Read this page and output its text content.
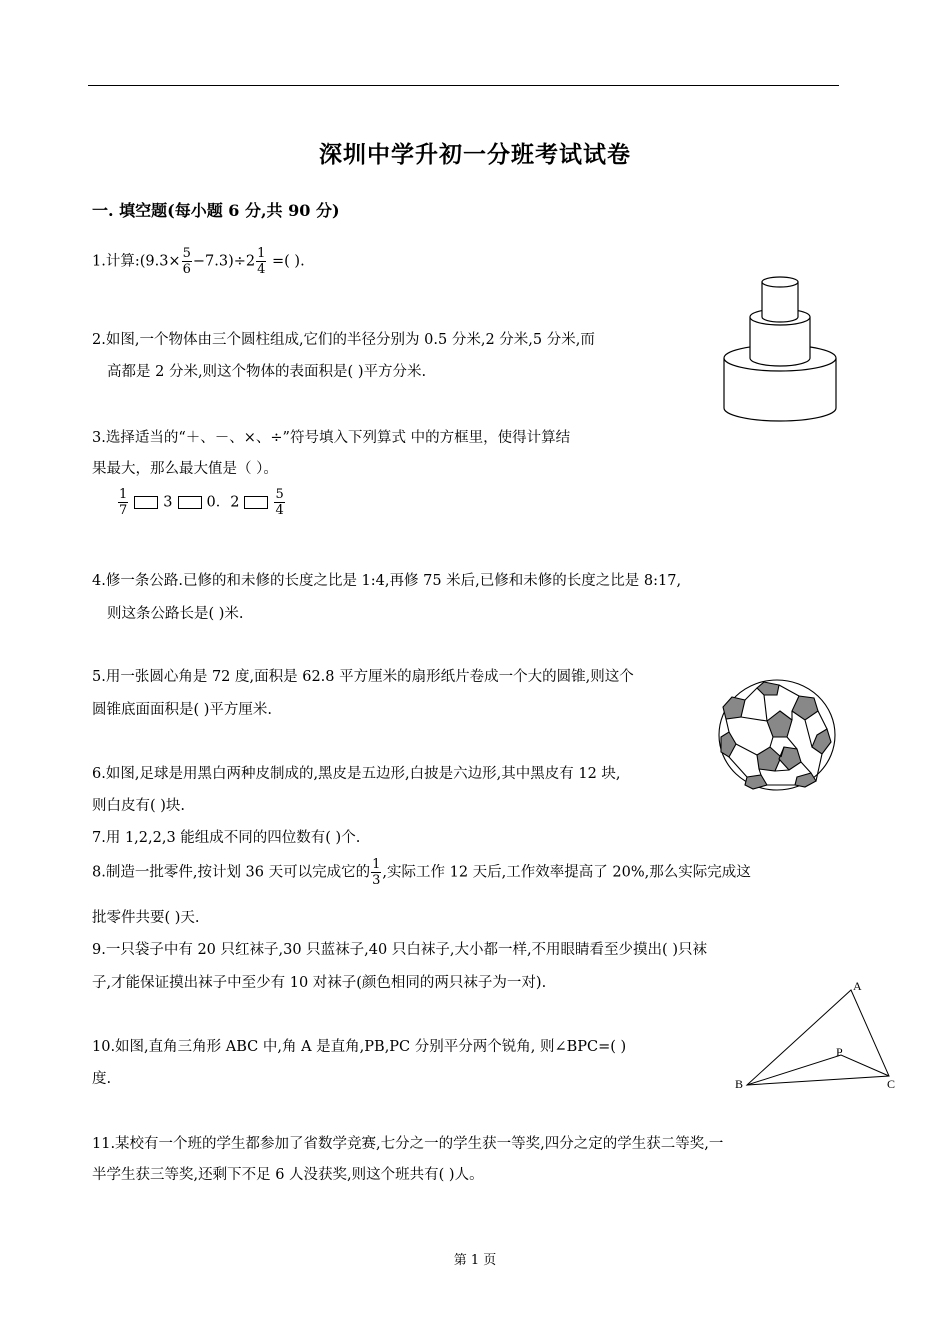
深圳中学升初一分班考试试卷
一. 填空题(每小题 6 分,共 90 分)
1.计算:(9.3× $\frac{5}{6} -7.3)\div 2 \frac{1}{4}$ =( ).
2.如图,一个物体由三个圆柱组成,它们的半径分别为 0.5 分米,2 分米,5 分米,而
高都是 2 分米,则这个物体的表面积是( )平方分米.
3.选择适当的“＋、－、×、÷”符号填入下列算式 中的方框里，使得计算结
果最大，那么最大值是（ ）。
$\frac{1}{7} 3$ 0．2	$\frac{5}{4}$
4.修一条公路.已修的和未修的长度之比是 1:4,再修 75 米后,已修和未修的长度之比是 8:17,
则这条公路长是( )米.
5.用一张圆心角是 72 度,面积是 62.8 平方厘米的扇形纸片卷成一个大的圆锥,则这个
圆锥底面面积是( )平方厘米.
6.如图,足球是用黑白两种皮制成的,黑皮是五边形,白披是六边形,其中黑皮有 12 块,
则白皮有( )块.
7.用 1,2,2,3 能组成不同的四位数有( )个.
8.制造一批零件,按计划 36 天可以完成它的 $\frac{1}{3}$ ,实际工作 12 天后,工作效率提高了 20%,那么实际完成这
批零件共要( )天.
9.一只袋子中有 20 只红袜子,30 只蓝袜子,40 只白袜子,大小都一样,不用眼睛看至少摸出( )只袜
子,才能保证摸出袜子中至少有 10 对袜子(颜色相同的两只袜子为一对).	A
B	C
P
10.如图,直角三角形 ABC 中,角 A 是直角,PB,PC 分别平分两个锐角, 则∠BPC=( )
度.
11.某校有一个班的学生都参加了省数学竞赛,七分之一的学生获一等奖,四分之定的学生获二等奖,一
半学生获三等奖,还剩下不足 6 人没获奖,则这个班共有( )人。
第 1 页
